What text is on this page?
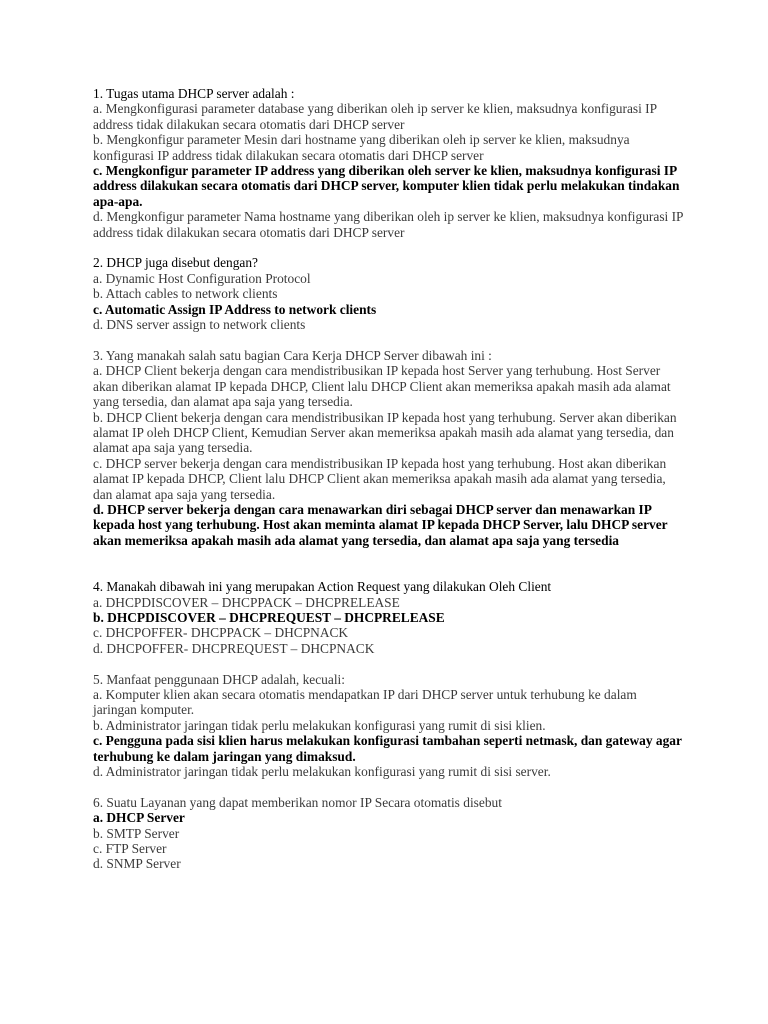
1. Tugas utama DHCP server adalah :

a. Mengkonfigurasi parameter database yang diberikan oleh ip server ke klien, maksudnya konfigurasi IP address tidak dilakukan secara otomatis dari DHCP server

b. Mengkonfigur parameter Mesin dari hostname yang diberikan oleh ip server ke klien, maksudnya konfigurasi IP address tidak dilakukan secara otomatis dari DHCP server

c. Mengkonfigur parameter IP address yang diberikan oleh server ke klien, maksudnya konfigurasi IP address dilakukan secara otomatis dari DHCP server, komputer klien tidak perlu melakukan tindakan apa-apa.

d. Mengkonfigur parameter Nama hostname yang diberikan oleh ip server ke klien, maksudnya konfigurasi IP address tidak dilakukan secara otomatis dari DHCP server

2. DHCP juga disebut dengan?

a. Dynamic Host Configuration Protocol

b. Attach cables to network clients

c. Automatic Assign IP Address to network clients

d. DNS server assign to network clients

3. Yang manakah salah satu bagian Cara Kerja DHCP Server dibawah ini :

a. DHCP Client bekerja dengan cara mendistribusikan IP kepada host Server yang terhubung. Host Server akan diberikan alamat IP kepada DHCP, Client lalu DHCP Client akan memeriksa apakah masih ada alamat yang tersedia, dan alamat apa saja yang tersedia.

b. DHCP Client bekerja dengan cara mendistribusikan IP kepada host yang terhubung. Server akan diberikan alamat IP oleh DHCP Client, Kemudian Server akan memeriksa apakah masih ada alamat yang tersedia, dan alamat apa saja yang tersedia.

c. DHCP server bekerja dengan cara mendistribusikan IP kepada host yang terhubung. Host akan diberikan alamat IP kepada DHCP, Client lalu DHCP Client akan memeriksa apakah masih ada alamat yang tersedia, dan alamat apa saja yang tersedia.

d. DHCP server bekerja dengan cara menawarkan diri sebagai DHCP server dan menawarkan IP kepada host yang terhubung. Host akan meminta alamat IP kepada DHCP Server, lalu DHCP server akan memeriksa apakah masih ada alamat yang tersedia, dan alamat apa saja yang tersedia

4. Manakah dibawah ini yang merupakan Action Request yang dilakukan Oleh Client

a. DHCPDISCOVER – DHCPPACK – DHCPRELEASE

b. DHCPDISCOVER – DHCPREQUEST – DHCPRELEASE

c. DHCPOFFER- DHCPPACK – DHCPNACK

d. DHCPOFFER- DHCPREQUEST – DHCPNACK

5. Manfaat penggunaan DHCP adalah, kecuali:

a. Komputer klien akan secara otomatis mendapatkan IP dari DHCP server untuk terhubung ke dalam jaringan komputer.

b. Administrator jaringan tidak perlu melakukan konfigurasi yang rumit di sisi klien.

c. Pengguna pada sisi klien harus melakukan konfigurasi tambahan seperti netmask, dan gateway agar terhubung ke dalam jaringan yang dimaksud.

d. Administrator jaringan tidak perlu melakukan konfigurasi yang rumit di sisi server.

6. Suatu Layanan yang dapat memberikan nomor IP Secara otomatis disebut

a. DHCP Server

b. SMTP Server

c. FTP Server

d. SNMP Server
